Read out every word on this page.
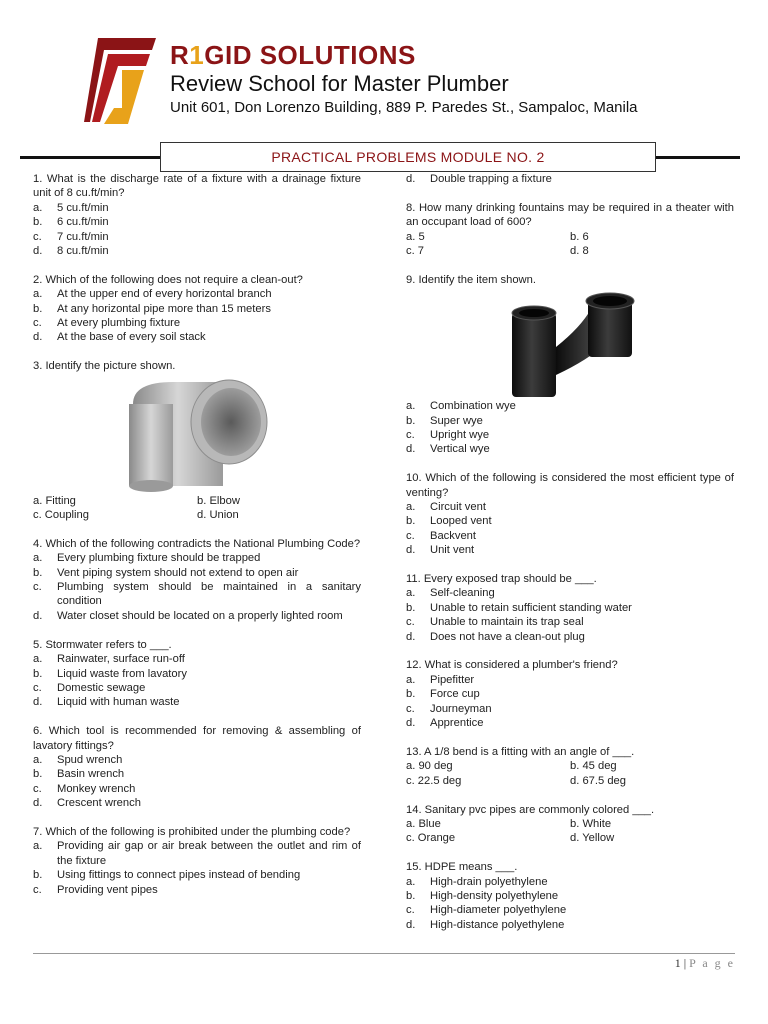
R1GID SOLUTIONS
Review School for Master Plumber
Unit 601, Don Lorenzo Building, 889 P. Paredes St., Sampaloc, Manila
PRACTICAL PROBLEMS MODULE NO. 2
1. What is the discharge rate of a fixture with a drainage fixture unit of 8 cu.ft/min?
a.	5 cu.ft/min
b.	6 cu.ft/min
c.	7 cu.ft/min
d.	8 cu.ft/min
2. Which of the following does not require a clean-out?
a.	At the upper end of every horizontal branch
b.	At any horizontal pipe more than 15 meters
c.	At every plumbing fixture
d.	At the base of every soil stack
3. Identify the picture shown.
a. Fitting	b. Elbow
c. Coupling	d. Union
4. Which of the following contradicts the National Plumbing Code?
a.	Every plumbing fixture should be trapped
b.	Vent piping system should not extend to open air
c.	Plumbing system should be maintained in a sanitary condition
d.	Water closet should be located on a properly lighted room
5. Stormwater refers to ___.
a.	Rainwater, surface run-off
b.	Liquid waste from lavatory
c.	Domestic sewage
d.	Liquid with human waste
6. Which tool is recommended for removing & assembling of lavatory fittings?
a.	Spud wrench
b.	Basin wrench
c.	Monkey wrench
d.	Crescent wrench
7. Which of the following is prohibited under the plumbing code?
a.	Providing air gap or air break between the outlet and rim of the fixture
b.	Using fittings to connect pipes instead of bending
c.	Providing vent pipes
d.	Double trapping a fixture
8. How many drinking fountains may be required in a theater with an occupant load of 600?
a. 5	b. 6
c. 7	d. 8
9. Identify the item shown.
a.	Combination wye
b.	Super wye
c.	Upright wye
d.	Vertical wye
10. Which of the following is considered the most efficient type of venting?
a.	Circuit vent
b.	Looped vent
c.	Backvent
d.	Unit vent
11. Every exposed trap should be ___.
a.	Self-cleaning
b.	Unable to retain sufficient standing water
c.	Unable to maintain its trap seal
d.	Does not have a clean-out plug
12. What is considered a plumber's friend?
a.	Pipefitter
b.	Force cup
c.	Journeyman
d.	Apprentice
13. A 1/8 bend is a fitting with an angle of ___.
a. 90 deg	b. 45 deg
c. 22.5 deg	d. 67.5 deg
14. Sanitary pvc pipes are commonly colored ___.
a. Blue	b. White
c. Orange	d. Yellow
15. HDPE means ___.
a.	High-drain polyethylene
b.	High-density polyethylene
c.	High-diameter polyethylene
d.	High-distance polyethylene
1 | P a g e
